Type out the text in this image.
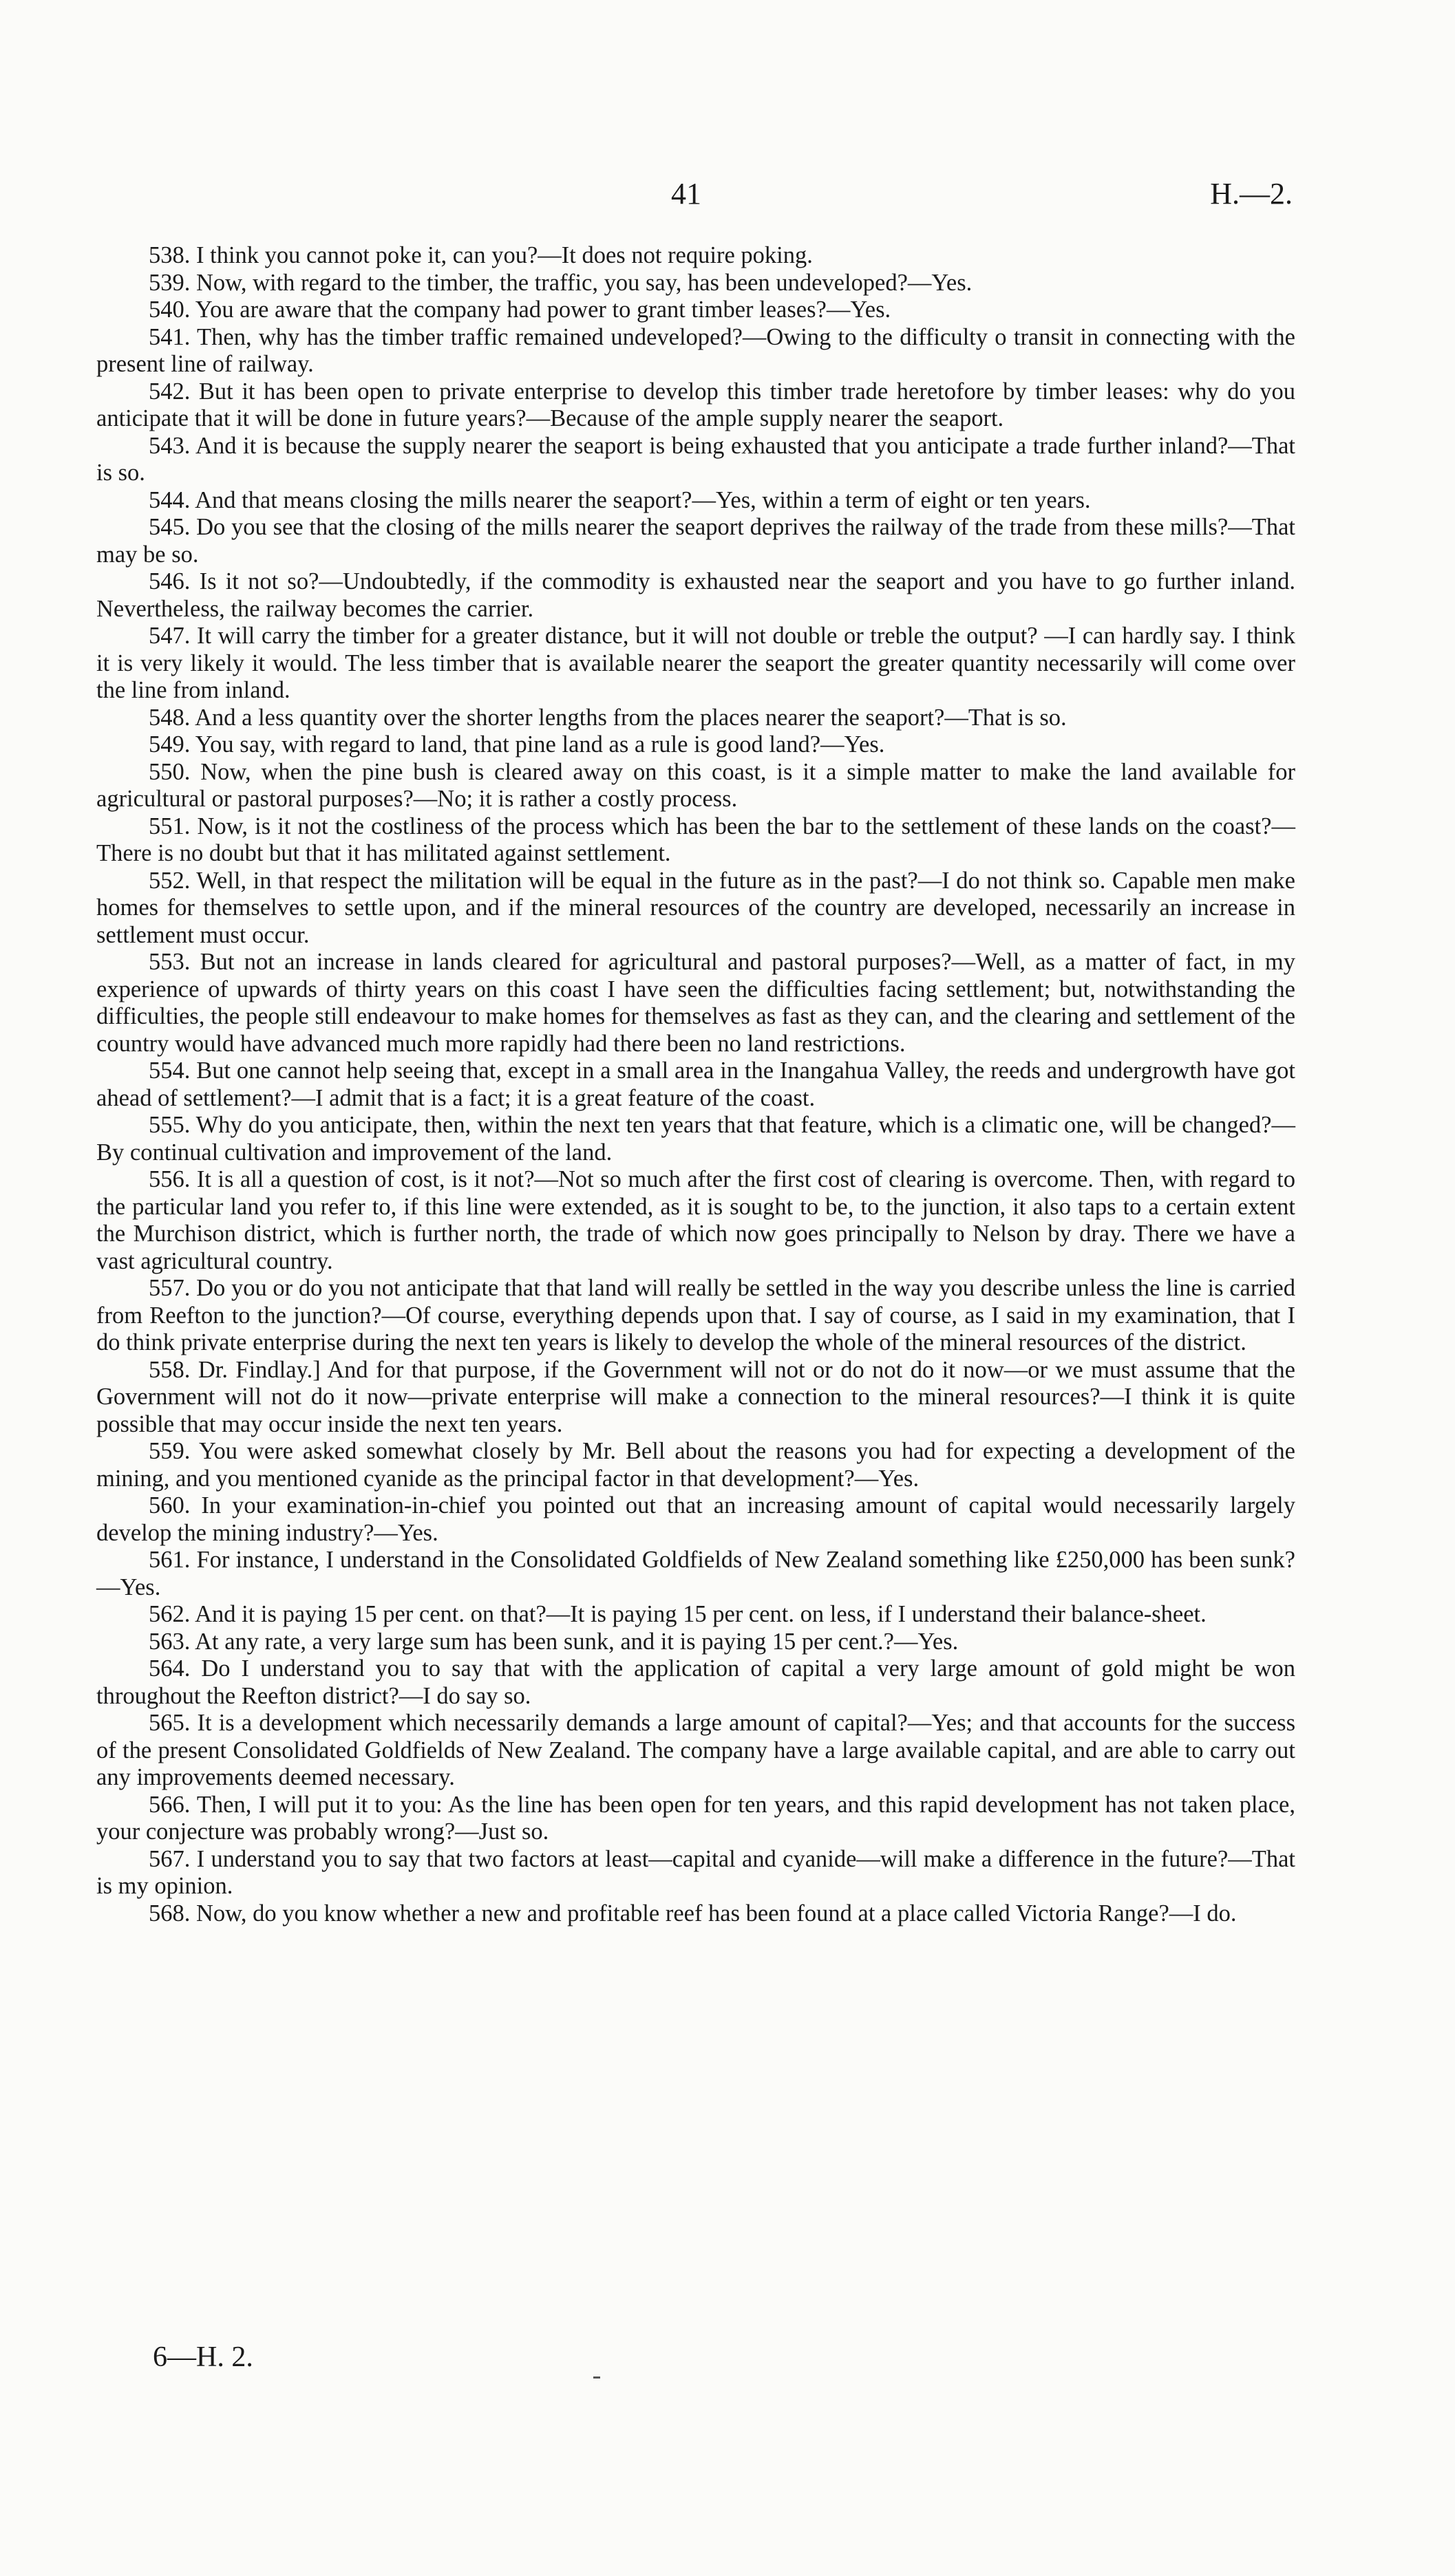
41	H.—2.

538. I think you cannot poke it, can you?—It does not require poking.

539. Now, with regard to the timber, the traffic, you say, has been undeveloped?—Yes.

540. You are aware that the company had power to grant timber leases?—Yes.

541. Then, why has the timber traffic remained undeveloped?—Owing to the difficulty o transit in connecting with the present line of railway.

542. But it has been open to private enterprise to develop this timber trade heretofore by timber leases: why do you anticipate that it will be done in future years?—Because of the ample supply nearer the seaport.

543. And it is because the supply nearer the seaport is being exhausted that you anticipate a trade further inland?—That is so.

544. And that means closing the mills nearer the seaport?—Yes, within a term of eight or ten years.

545. Do you see that the closing of the mills nearer the seaport deprives the railway of the trade from these mills?—That may be so.

546. Is it not so?—Undoubtedly, if the commodity is exhausted near the seaport and you have to go further inland. Nevertheless, the railway becomes the carrier.

547. It will carry the timber for a greater distance, but it will not double or treble the output? —I can hardly say. I think it is very likely it would. The less timber that is available nearer the seaport the greater quantity necessarily will come over the line from inland.

548. And a less quantity over the shorter lengths from the places nearer the seaport?—That is so.

549. You say, with regard to land, that pine land as a rule is good land?—Yes.

550. Now, when the pine bush is cleared away on this coast, is it a simple matter to make the land available for agricultural or pastoral purposes?—No; it is rather a costly process.

551. Now, is it not the costliness of the process which has been the bar to the settlement of these lands on the coast?—There is no doubt but that it has militated against settlement.

552. Well, in that respect the militation will be equal in the future as in the past?—I do not think so. Capable men make homes for themselves to settle upon, and if the mineral resources of the country are developed, necessarily an increase in settlement must occur.

553. But not an increase in lands cleared for agricultural and pastoral purposes?—Well, as a matter of fact, in my experience of upwards of thirty years on this coast I have seen the difficulties facing settlement; but, notwithstanding the difficulties, the people still endeavour to make homes for themselves as fast as they can, and the clearing and settlement of the country would have advanced much more rapidly had there been no land restrictions.

554. But one cannot help seeing that, except in a small area in the Inangahua Valley, the reeds and undergrowth have got ahead of settlement?—I admit that is a fact; it is a great feature of the coast.

555. Why do you anticipate, then, within the next ten years that that feature, which is a climatic one, will be changed?—By continual cultivation and improvement of the land.

556. It is all a question of cost, is it not?—Not so much after the first cost of clearing is overcome. Then, with regard to the particular land you refer to, if this line were extended, as it is sought to be, to the junction, it also taps to a certain extent the Murchison district, which is further north, the trade of which now goes principally to Nelson by dray. There we have a vast agricultural country.

557. Do you or do you not anticipate that that land will really be settled in the way you describe unless the line is carried from Reefton to the junction?—Of course, everything depends upon that. I say of course, as I said in my examination, that I do think private enterprise during the next ten years is likely to develop the whole of the mineral resources of the district.

558. Dr. Findlay.] And for that purpose, if the Government will not or do not do it now—or we must assume that the Government will not do it now—private enterprise will make a connection to the mineral resources?—I think it is quite possible that may occur inside the next ten years.

559. You were asked somewhat closely by Mr. Bell about the reasons you had for expecting a development of the mining, and you mentioned cyanide as the principal factor in that development?—Yes.

560. In your examination-in-chief you pointed out that an increasing amount of capital would necessarily largely develop the mining industry?—Yes.

561. For instance, I understand in the Consolidated Goldfields of New Zealand something like £250,000 has been sunk?—Yes.

562. And it is paying 15 per cent. on that?—It is paying 15 per cent. on less, if I understand their balance-sheet.

563. At any rate, a very large sum has been sunk, and it is paying 15 per cent.?—Yes.

564. Do I understand you to say that with the application of capital a very large amount of gold might be won throughout the Reefton district?—I do say so.

565. It is a development which necessarily demands a large amount of capital?—Yes; and that accounts for the success of the present Consolidated Goldfields of New Zealand. The company have a large available capital, and are able to carry out any improvements deemed necessary.

566. Then, I will put it to you: As the line has been open for ten years, and this rapid development has not taken place, your conjecture was probably wrong?—Just so.

567. I understand you to say that two factors at least—capital and cyanide—will make a difference in the future?—That is my opinion.

568. Now, do you know whether a new and profitable reef has been found at a place called Victoria Range?—I do.

6—H. 2.
